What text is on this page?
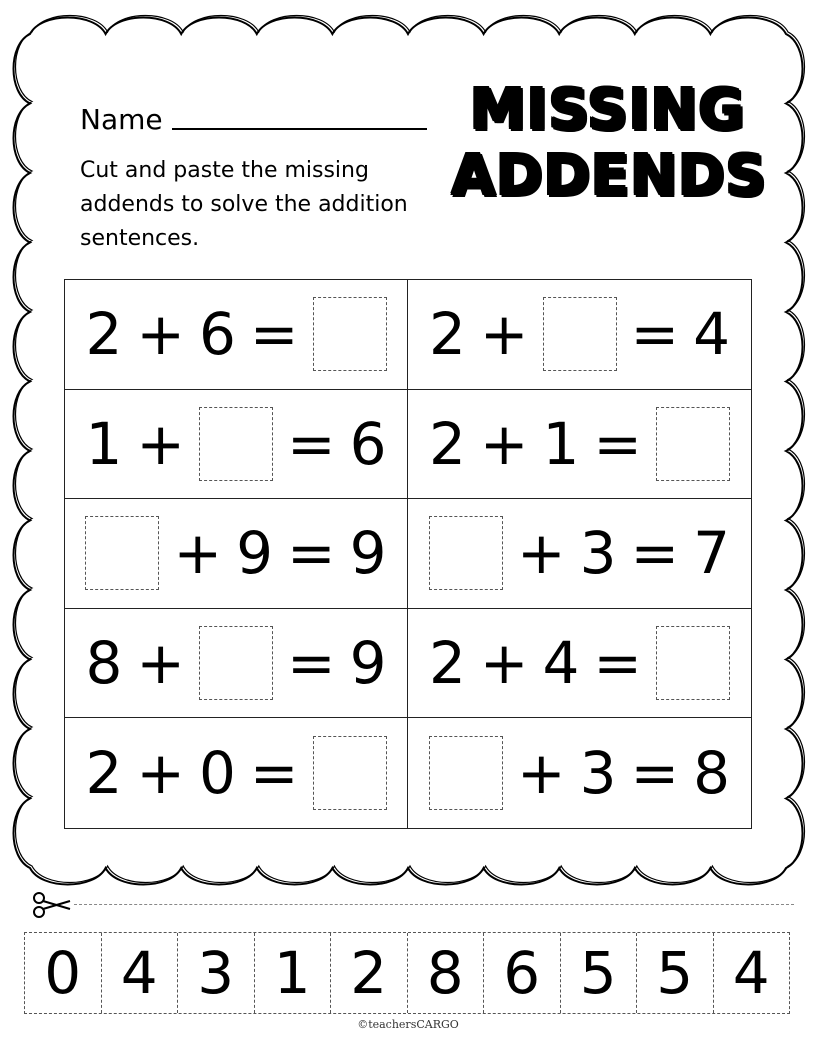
Name
Cut and paste the missing addends to solve the addition sentences.
MISSING
ADDENDS
2 + 6 = 2 + = 4
1 + = 6 2 + 1 =
+ 9 = 9 + 3 = 7
8 + = 9 2 + 4 =
2 + 0 =	+ 3 = 8
0 4 3 1 2 8 6 5 5 4
©teachersCARGO
